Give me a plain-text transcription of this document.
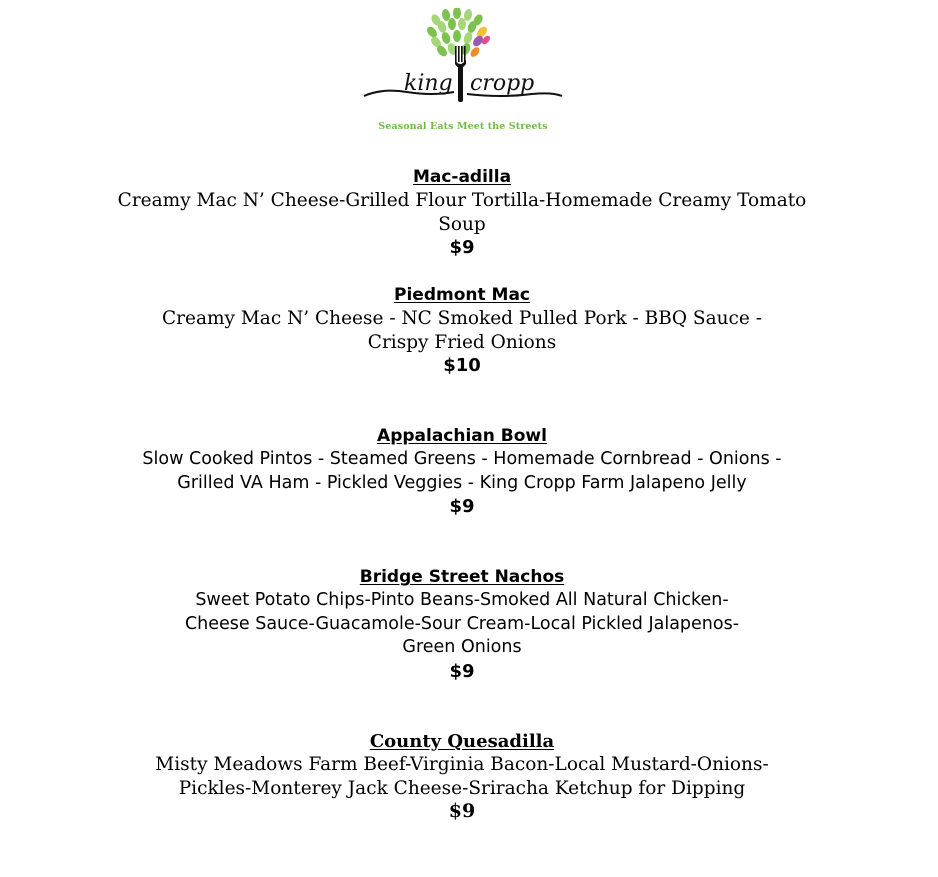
king cropp
Seasonal Eats Meet the Streets
Mac-adilla
Creamy Mac N’ Cheese-Grilled Flour Tortilla-Homemade Creamy Tomato Soup
$9
Piedmont Mac
Creamy Mac N’ Cheese - NC Smoked Pulled Pork - BBQ Sauce - Crispy Fried Onions
$10
Appalachian Bowl
Slow Cooked Pintos - Steamed Greens - Homemade Cornbread - Onions - Grilled VA Ham - Pickled Veggies - King Cropp Farm Jalapeno Jelly
$9
Bridge Street Nachos
Sweet Potato Chips-Pinto Beans-Smoked All Natural Chicken-Cheese Sauce-Guacamole-Sour Cream-Local Pickled Jalapenos-Green Onions
$9
County Quesadilla
Misty Meadows Farm Beef-Virginia Bacon-Local Mustard-Onions-Pickles-Monterey Jack Cheese-Sriracha Ketchup for Dipping
$9
